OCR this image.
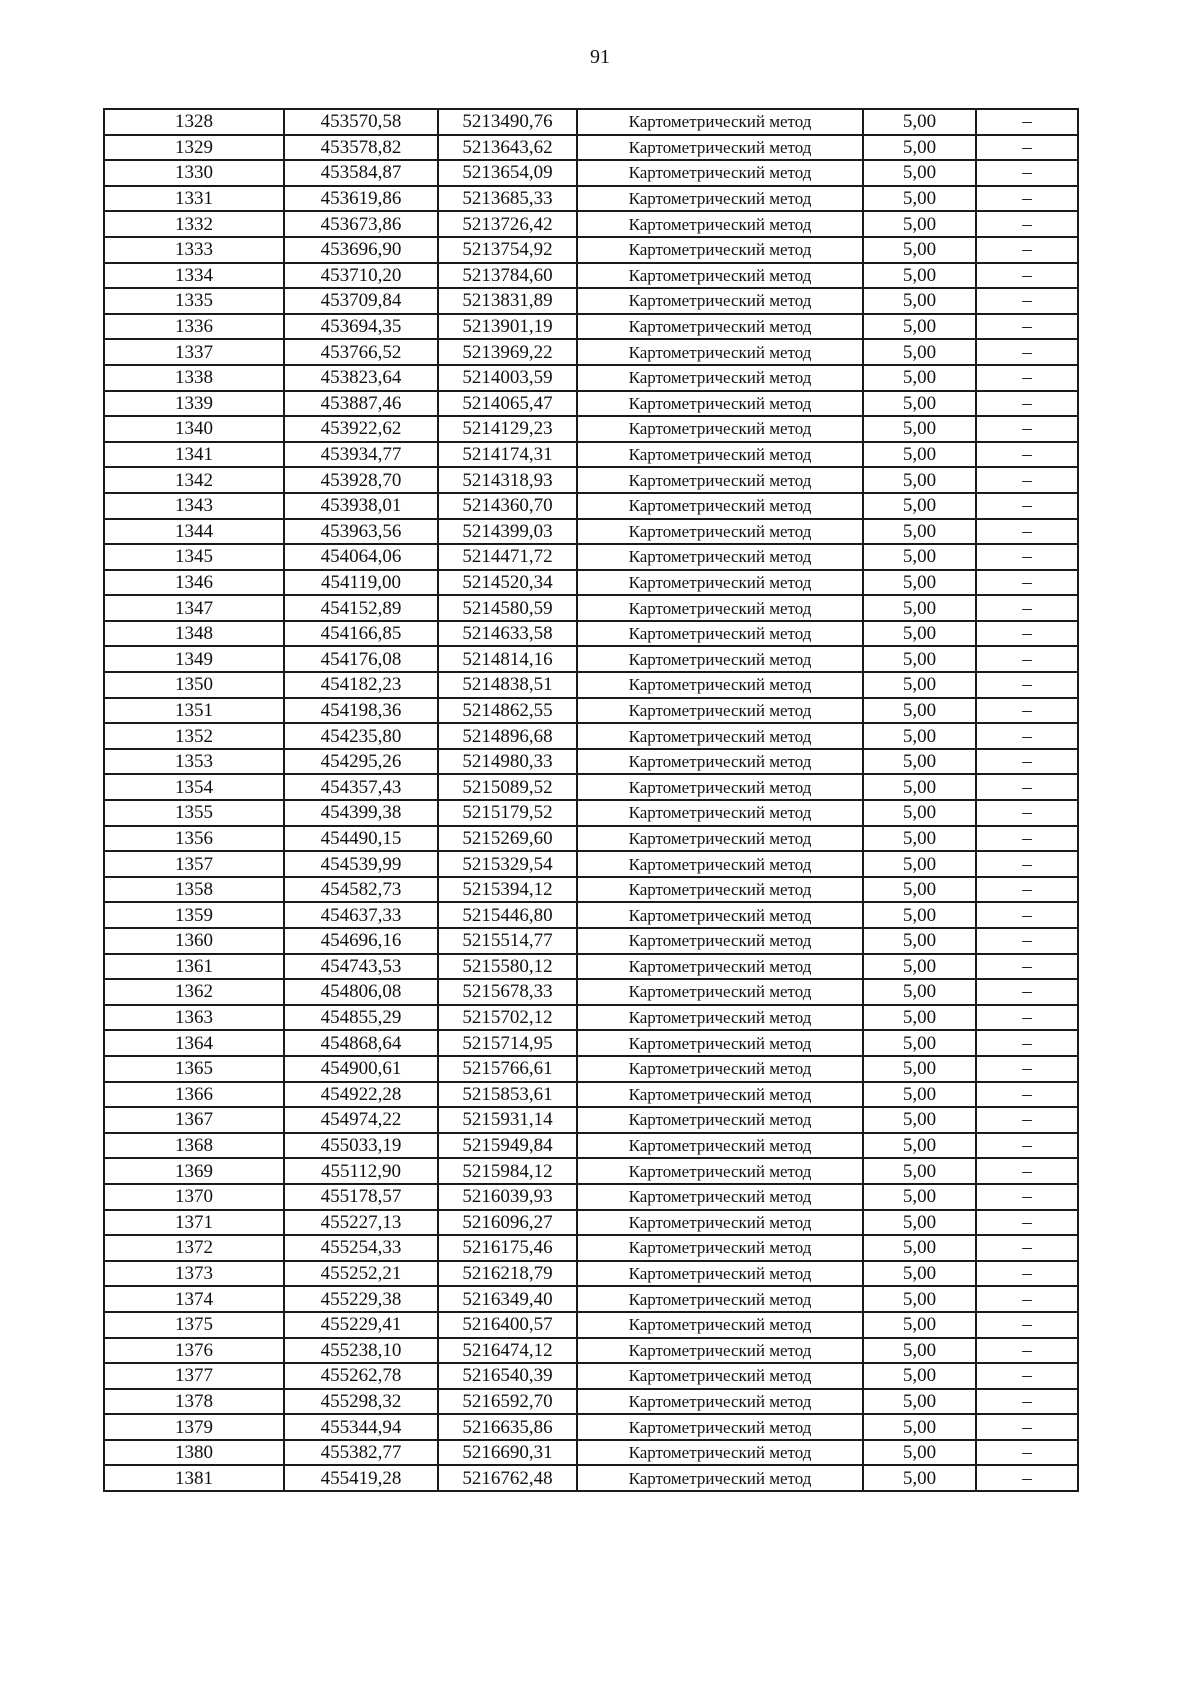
91
1328	453570,58	5213490,76	Картометрический метод	5,00	–
1329	453578,82	5213643,62	Картометрический метод	5,00	–
1330	453584,87	5213654,09	Картометрический метод	5,00	–
1331	453619,86	5213685,33	Картометрический метод	5,00	–
1332	453673,86	5213726,42	Картометрический метод	5,00	–
1333	453696,90	5213754,92	Картометрический метод	5,00	–
1334	453710,20	5213784,60	Картометрический метод	5,00	–
1335	453709,84	5213831,89	Картометрический метод	5,00	–
1336	453694,35	5213901,19	Картометрический метод	5,00	–
1337	453766,52	5213969,22	Картометрический метод	5,00	–
1338	453823,64	5214003,59	Картометрический метод	5,00	–
1339	453887,46	5214065,47	Картометрический метод	5,00	–
1340	453922,62	5214129,23	Картометрический метод	5,00	–
1341	453934,77	5214174,31	Картометрический метод	5,00	–
1342	453928,70	5214318,93	Картометрический метод	5,00	–
1343	453938,01	5214360,70	Картометрический метод	5,00	–
1344	453963,56	5214399,03	Картометрический метод	5,00	–
1345	454064,06	5214471,72	Картометрический метод	5,00	–
1346	454119,00	5214520,34	Картометрический метод	5,00	–
1347	454152,89	5214580,59	Картометрический метод	5,00	–
1348	454166,85	5214633,58	Картометрический метод	5,00	–
1349	454176,08	5214814,16	Картометрический метод	5,00	–
1350	454182,23	5214838,51	Картометрический метод	5,00	–
1351	454198,36	5214862,55	Картометрический метод	5,00	–
1352	454235,80	5214896,68	Картометрический метод	5,00	–
1353	454295,26	5214980,33	Картометрический метод	5,00	–
1354	454357,43	5215089,52	Картометрический метод	5,00	–
1355	454399,38	5215179,52	Картометрический метод	5,00	–
1356	454490,15	5215269,60	Картометрический метод	5,00	–
1357	454539,99	5215329,54	Картометрический метод	5,00	–
1358	454582,73	5215394,12	Картометрический метод	5,00	–
1359	454637,33	5215446,80	Картометрический метод	5,00	–
1360	454696,16	5215514,77	Картометрический метод	5,00	–
1361	454743,53	5215580,12	Картометрический метод	5,00	–
1362	454806,08	5215678,33	Картометрический метод	5,00	–
1363	454855,29	5215702,12	Картометрический метод	5,00	–
1364	454868,64	5215714,95	Картометрический метод	5,00	–
1365	454900,61	5215766,61	Картометрический метод	5,00	–
1366	454922,28	5215853,61	Картометрический метод	5,00	–
1367	454974,22	5215931,14	Картометрический метод	5,00	–
1368	455033,19	5215949,84	Картометрический метод	5,00	–
1369	455112,90	5215984,12	Картометрический метод	5,00	–
1370	455178,57	5216039,93	Картометрический метод	5,00	–
1371	455227,13	5216096,27	Картометрический метод	5,00	–
1372	455254,33	5216175,46	Картометрический метод	5,00	–
1373	455252,21	5216218,79	Картометрический метод	5,00	–
1374	455229,38	5216349,40	Картометрический метод	5,00	–
1375	455229,41	5216400,57	Картометрический метод	5,00	–
1376	455238,10	5216474,12	Картометрический метод	5,00	–
1377	455262,78	5216540,39	Картометрический метод	5,00	–
1378	455298,32	5216592,70	Картометрический метод	5,00	–
1379	455344,94	5216635,86	Картометрический метод	5,00	–
1380	455382,77	5216690,31	Картометрический метод	5,00	–
1381	455419,28	5216762,48	Картометрический метод	5,00	–
